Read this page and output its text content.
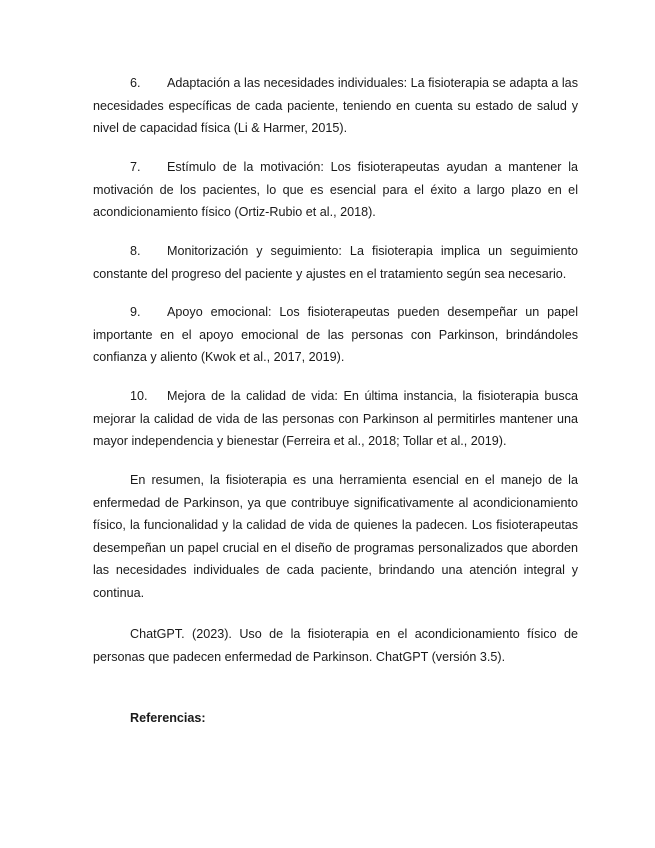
6. Adaptación a las necesidades individuales: La fisioterapia se adapta a las necesidades específicas de cada paciente, teniendo en cuenta su estado de salud y nivel de capacidad física (Li & Harmer, 2015).

7. Estímulo de la motivación: Los fisioterapeutas ayudan a mantener la motivación de los pacientes, lo que es esencial para el éxito a largo plazo en el acondicionamiento físico (Ortiz-Rubio et al., 2018).

8. Monitorización y seguimiento: La fisioterapia implica un seguimiento constante del progreso del paciente y ajustes en el tratamiento según sea necesario.

9. Apoyo emocional: Los fisioterapeutas pueden desempeñar un papel importante en el apoyo emocional de las personas con Parkinson, brindándoles confianza y aliento (Kwok et al., 2017, 2019).

10. Mejora de la calidad de vida: En última instancia, la fisioterapia busca mejorar la calidad de vida de las personas con Parkinson al permitirles mantener una mayor independencia y bienestar (Ferreira et al., 2018; Tollar et al., 2019).

En resumen, la fisioterapia es una herramienta esencial en el manejo de la enfermedad de Parkinson, ya que contribuye significativamente al acondicionamiento físico, la funcionalidad y la calidad de vida de quienes la padecen. Los fisioterapeutas desempeñan un papel crucial en el diseño de programas personalizados que aborden las necesidades individuales de cada paciente, brindando una atención integral y continua.

ChatGPT. (2023). Uso de la fisioterapia en el acondicionamiento físico de personas que padecen enfermedad de Parkinson. ChatGPT (versión 3.5).

Referencias:
